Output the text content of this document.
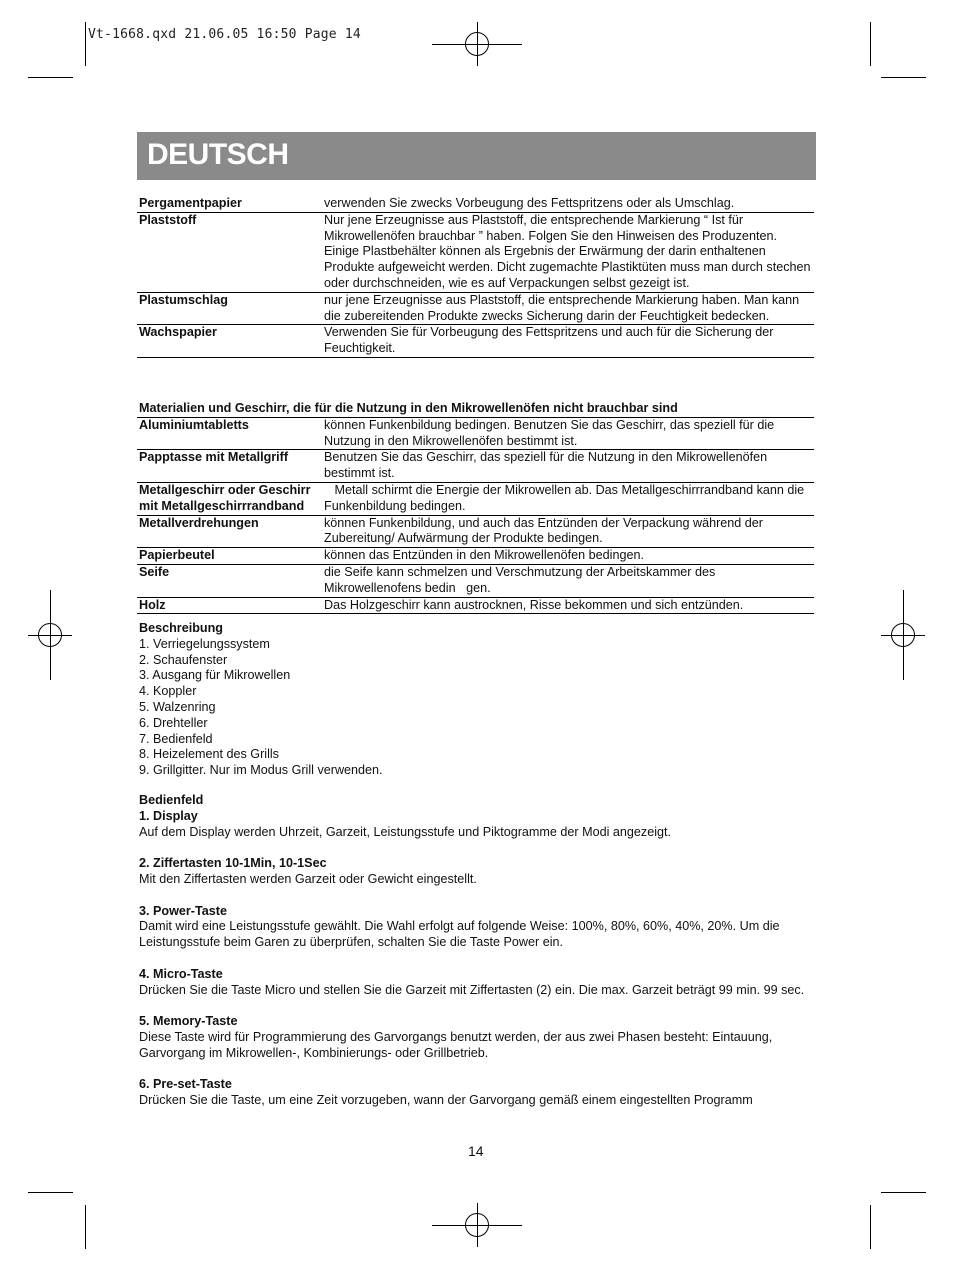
Vt-1668.qxd 21.06.05 16:50 Page 14
DEUTSCH
Pergamentpapier	verwenden Sie zwecks Vorbeugung des Fettspritzens oder als Umschlag.
Plaststoff	Nur jene Erzeugnisse aus Plaststoff, die entsprechende Markierung “ Ist für Mikrowellenöfen brauchbar ” haben. Folgen Sie den Hinweisen des Produzenten. Einige Plastbehälter können als Ergebnis der Erwärmung der darin enthaltenen Produkte aufgeweicht werden. Dicht zugemachte Plastiktüten muss man durch stechen oder durchschneiden, wie es auf Verpackungen selbst gezeigt ist.
Plastumschlag	nur jene Erzeugnisse aus Plaststoff, die entsprechende Markierung haben. Man kann die zubereitenden Produkte zwecks Sicherung darin der Feuchtigkeit bedecken.
Wachspapier	Verwenden Sie für Vorbeugung des Fettspritzens und auch für die Sicherung der Feuchtigkeit.
Materialien und Geschirr, die für die Nutzung in den Mikrowellenöfen nicht brauchbar sind	
Aluminiumtabletts	können Funkenbildung bedingen. Benutzen Sie das Geschirr, das speziell für die Nutzung in den Mikrowellenöfen bestimmt ist.
Papptasse mit Metallgriff	Benutzen Sie das Geschirr, das speziell für die Nutzung in den Mikrowellenöfen bestimmt ist.
Metallgeschirr oder Geschirr
mit Metallgeschirrrandband	Metall schirmt die Energie der Mikrowellen ab. Das Metallgeschirrrandband kann die Funkenbildung bedingen.
Metallverdrehungen	können Funkenbildung, und auch das Entzünden der Verpackung während der Zubereitung/ Aufwärmung der Produkte bedingen.
Papierbeutel	können das Entzünden in den Mikrowellenöfen bedingen.
Seife	die Seife kann schmelzen und Verschmutzung der Arbeitskammer des Mikrowellenofens bedin   gen.
Holz	Das Holzgeschirr kann austrocknen, Risse bekommen und sich entzünden.
Beschreibung
1. Verriegelungssystem
2. Schaufenster
3. Ausgang für Mikrowellen
4. Koppler
5. Walzenring
6. Drehteller
7. Bedienfeld
8. Heizelement des Grills
9. Grillgitter. Nur im Modus Grill verwenden.
Bedienfeld
1. Display

Auf dem Display werden Uhrzeit, Garzeit, Leistungsstufe und Piktogramme der Modi angezeigt.

2. Ziffertasten 10-1Min, 10-1Sec

Mit den Ziffertasten werden Garzeit oder Gewicht eingestellt.

3. Power-Taste

Damit wird eine Leistungsstufe gewählt. Die Wahl erfolgt auf folgende Weise: 100%, 80%, 60%, 40%, 20%. Um die Leistungsstufe beim Garen zu überprüfen, schalten Sie die Taste Power ein.

4. Micro-Taste

Drücken Sie die Taste Micro und stellen Sie die Garzeit mit Ziffertasten (2) ein. Die max. Garzeit beträgt 99 min. 99 sec.

5. Memory-Taste

Diese Taste wird für Programmierung des Garvorgangs benutzt werden, der aus zwei Phasen besteht: Eintauung, Garvorgang im Mikrowellen-, Kombinierungs- oder Grillbetrieb.

6. Pre-set-Taste

Drücken Sie die Taste, um eine Zeit vorzugeben, wann der Garvorgang gemäß einem eingestellten Programm

14
